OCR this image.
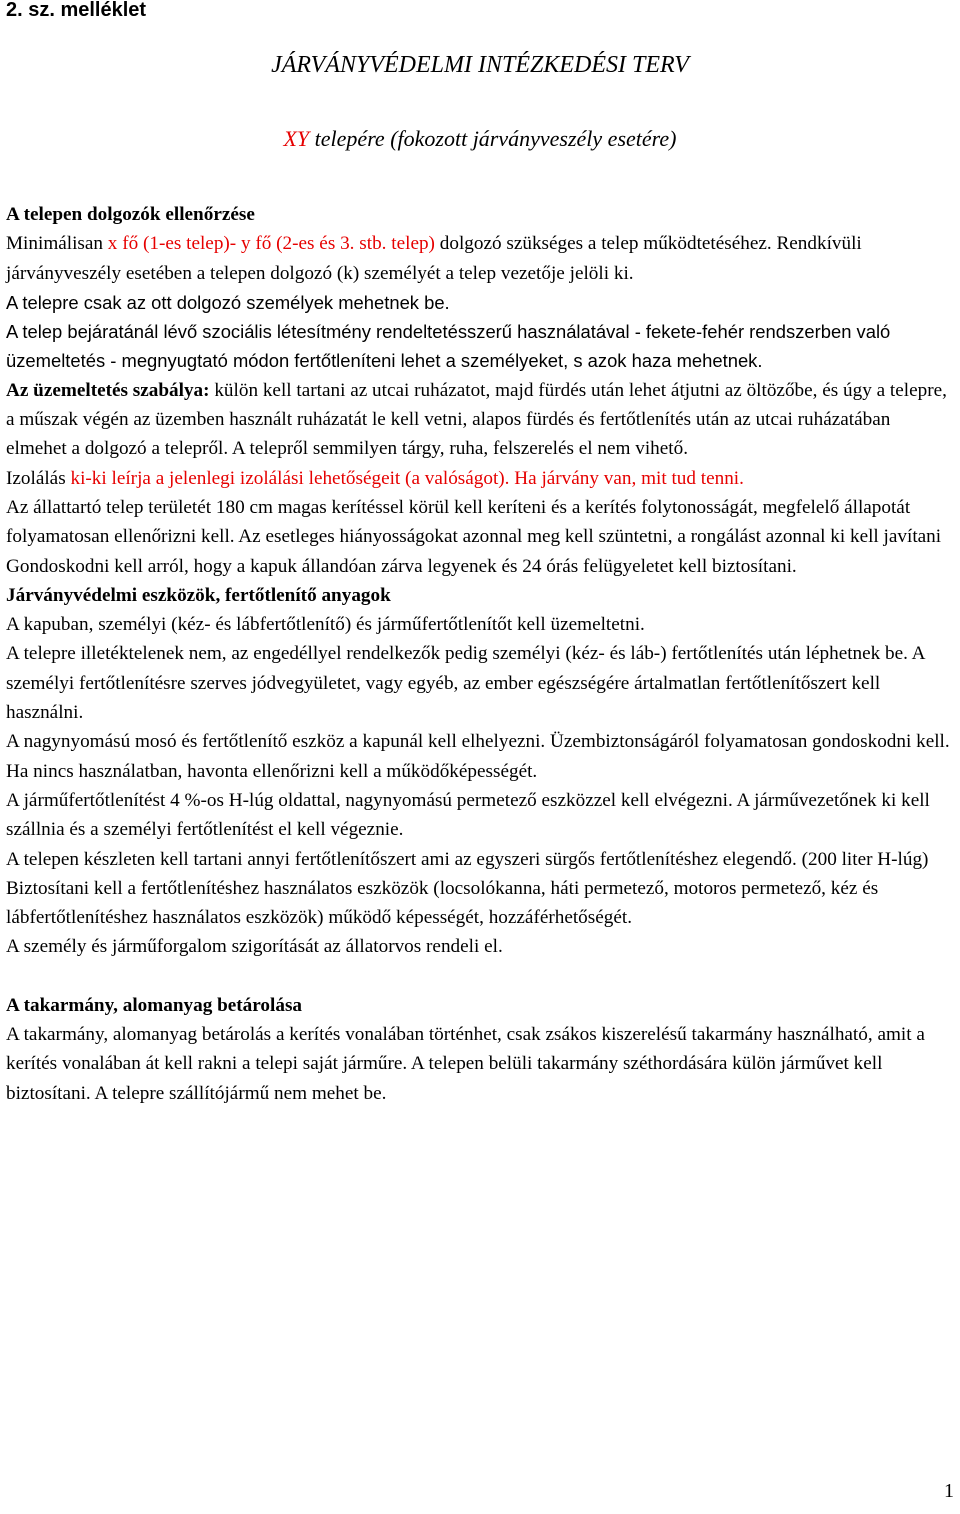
2. sz. melléklet
JÁRVÁNYVÉDELMI INTÉZKEDÉSI TERV
XY telepére (fokozott járványveszély esetére)
A telepen dolgozók ellenőrzése

Minimálisan x fő (1-es telep)- y fő (2-es és 3. stb. telep) dolgozó szükséges a telep működtetéséhez. Rendkívüli járványveszély esetében a telepen dolgozó (k) személyét a telep vezetője jelöli ki.

A telepre csak az ott dolgozó személyek mehetnek be.

A telep bejáratánál lévő szociális létesítmény rendeltetésszerű használatával - fekete-fehér rendszerben való üzemeltetés - megnyugtató módon fertőtleníteni lehet a személyeket, s azok haza mehetnek.

Az üzemeltetés szabálya: külön kell tartani az utcai ruházatot, majd fürdés után lehet átjutni az öltözőbe, és úgy a telepre, a műszak végén az üzemben használt ruházatát le kell vetni, alapos fürdés és fertőtlenítés után az utcai ruházatában elmehet a dolgozó a telepről. A telepről semmilyen tárgy, ruha, felszerelés el nem vihető.

Izolálás ki-ki leírja a jelenlegi izolálási lehetőségeit (a valóságot). Ha járvány van, mit tud tenni.

Az állattartó telep területét 180 cm magas kerítéssel körül kell keríteni és a kerítés folytonosságát, megfelelő állapotát folyamatosan ellenőrizni kell. Az esetleges hiányosságokat azonnal meg kell szüntetni, a rongálást azonnal ki kell javítani Gondoskodni kell arról, hogy a kapuk állandóan zárva legyenek és 24 órás felügyeletet kell biztosítani.

Járványvédelmi eszközök, fertőtlenítő anyagok

A kapuban, személyi (kéz- és lábfertőtlenítő) és járműfertőtlenítőt kell üzemeltetni.

A telepre illetéktelenek nem, az engedéllyel rendelkezők pedig személyi (kéz- és láb-) fertőtlenítés után léphetnek be. A személyi fertőtlenítésre szerves jódvegyületet, vagy egyéb, az ember egészségére ártalmatlan fertőtlenítőszert kell használni.

A nagynyomású mosó és fertőtlenítő eszköz a kapunál kell elhelyezni. Üzembiztonságáról folyamatosan gondoskodni kell. Ha nincs használatban, havonta ellenőrizni kell a működőképességét.

A járműfertőtlenítést 4 %-os H-lúg oldattal, nagynyomású permetező eszközzel kell elvégezni. A járművezetőnek ki kell szállnia és a személyi fertőtlenítést el kell végeznie.

A telepen készleten kell tartani annyi fertőtlenítőszert ami az egyszeri sürgős fertőtlenítéshez elegendő. (200 liter H-lúg)

Biztosítani kell a fertőtlenítéshez használatos eszközök (locsolókanna, háti permetező, motoros permetező, kéz és lábfertőtlenítéshez használatos eszközök) működő képességét, hozzáférhetőségét.

A személy és járműforgalom szigorítását az állatorvos rendeli el.

A takarmány, alomanyag betárolása

A takarmány, alomanyag betárolás a kerítés vonalában történhet, csak zsákos kiszerelésű takarmány használható, amit a kerítés vonalában át kell rakni a telepi saját járműre. A telepen belüli takarmány széthordására külön járművet kell biztosítani. A telepre szállítójármű nem mehet be.

1
